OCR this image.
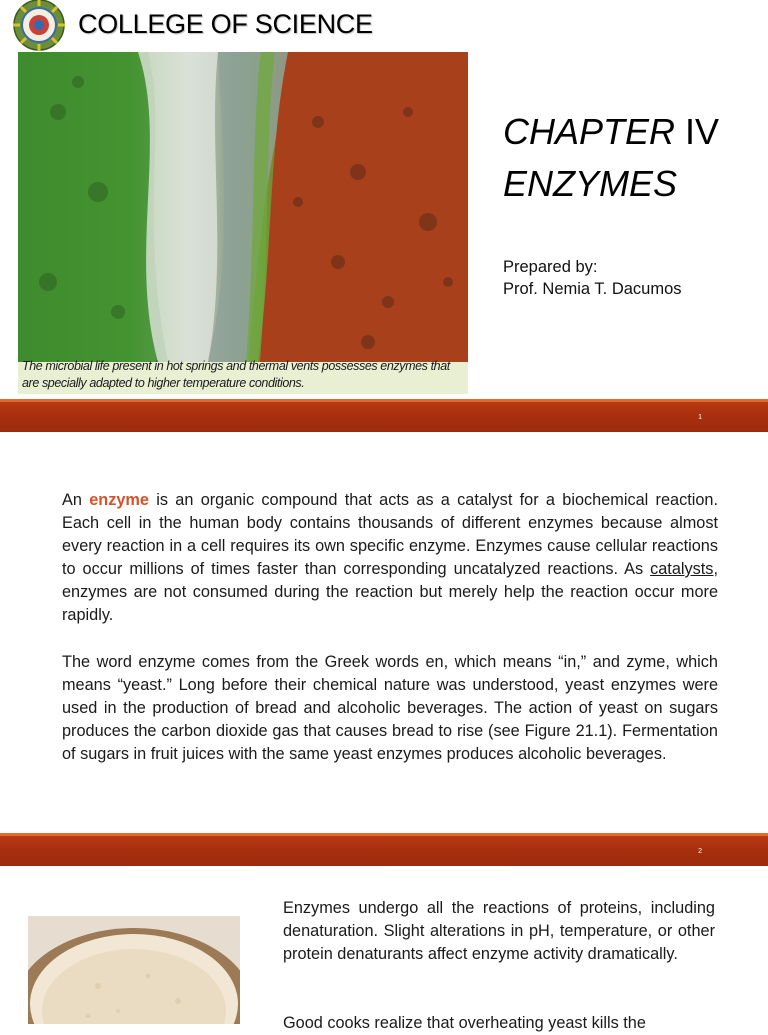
COLLEGE OF SCIENCE
The microbial life present in hot springs and thermal vents possesses enzymes that are specially adapted to higher temperature conditions.
CHAPTER IV
ENZYMES
Prepared by:
Prof. Nemia T. Dacumos
1
An enzyme is an organic compound that acts as a catalyst for a biochemical reaction. Each cell in the human body contains thousands of different enzymes because almost every reaction in a cell requires its own specific enzyme. Enzymes cause cellular reactions to occur millions of times faster than corresponding uncatalyzed reactions. As catalysts, enzymes are not consumed during the reaction but merely help the reaction occur more rapidly.
The word enzyme comes from the Greek words en, which means “in,” and zyme, which means “yeast.” Long before their chemical nature was understood, yeast enzymes were used in the production of bread and alcoholic beverages. The action of yeast on sugars produces the carbon dioxide gas that causes bread to rise (see Figure 21.1). Fermentation of sugars in fruit juices with the same yeast enzymes produces alcoholic beverages.
2
Enzymes undergo all the reactions of proteins, including denaturation. Slight alterations in pH, temperature, or other protein denaturants affect enzyme activity dramatically.
Good cooks realize that overheating yeast kills the
